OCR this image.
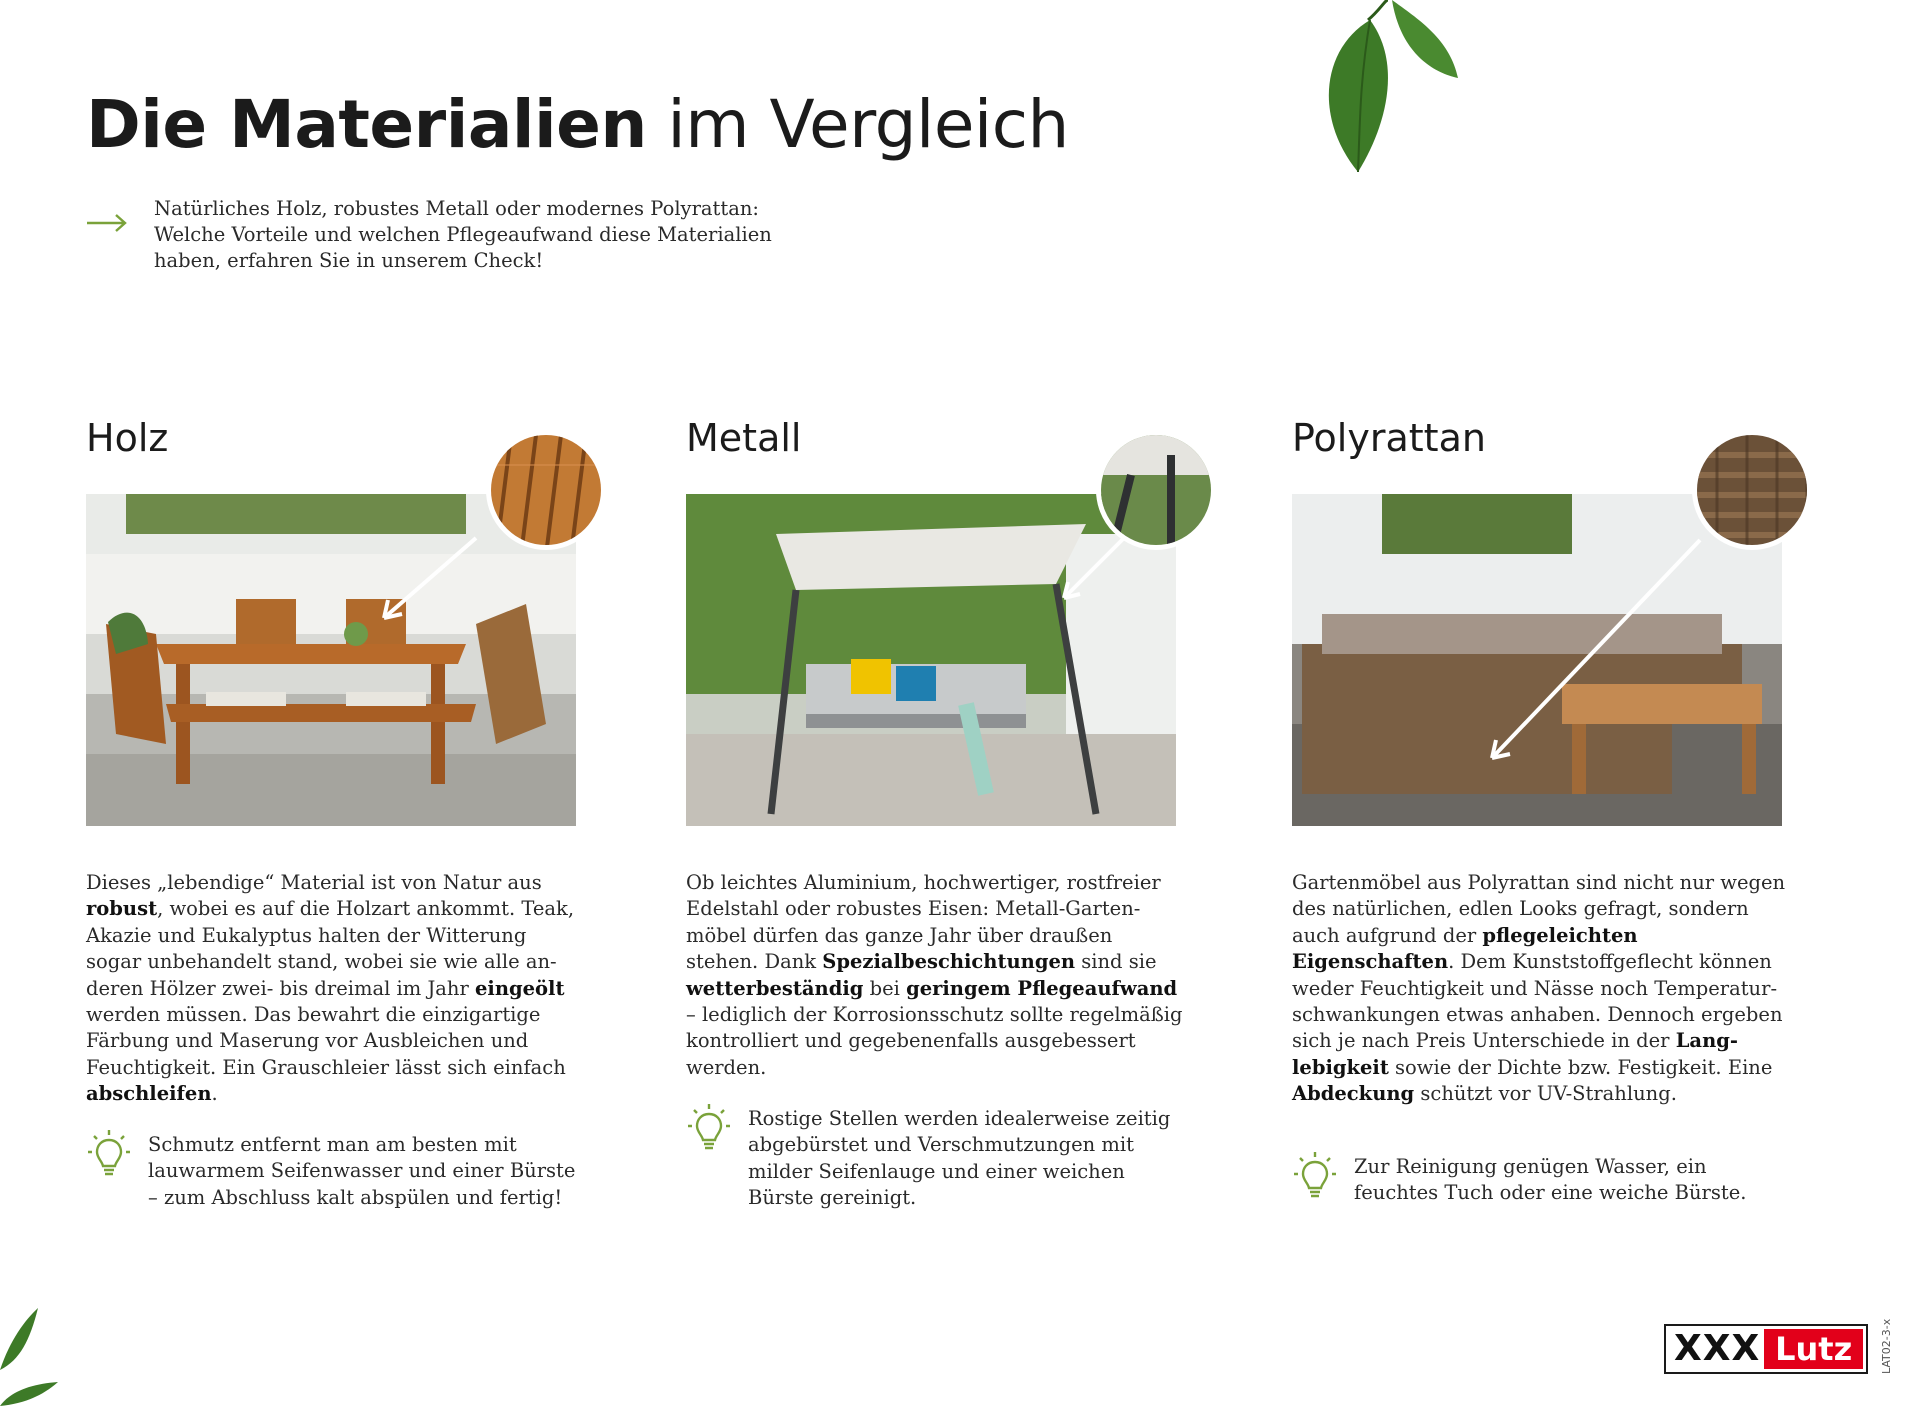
Die Materialien im Vergleich

Natürliches Holz, robustes Metall oder modernes Polyrattan: Welche Vorteile und welchen Pflegeaufwand diese Materialien haben, erfahren Sie in unserem Check!

Holz

Dieses „lebendige“ Material ist von Natur aus robust, wobei es auf die Holzart ankommt. Teak, Akazie und Eukalyptus halten der Witterung sogar unbehandelt stand, wobei sie wie alle anderen Hölzer zwei- bis dreimal im Jahr eingeölt werden müssen. Das bewahrt die einzigartige Färbung und Maserung vor Ausbleichen und Feuchtigkeit. Ein Grauschleier lässt sich einfach abschleifen.

Schmutz entfernt man am besten mit lauwarmem Seifenwasser und einer Bürste – zum Abschluss kalt abspülen und fertig!

Metall

Ob leichtes Aluminium, hochwertiger, rostfreier Edelstahl oder robustes Eisen: Metall-Gartenmöbel dürfen das ganze Jahr über draußen stehen. Dank Spezialbeschichtungen sind sie wetterbeständig bei geringem Pflegeaufwand – lediglich der Korrosionsschutz sollte regelmäßig kontrolliert und gegebenenfalls ausgebessert werden.

Rostige Stellen werden idealerweise zeitig abgebürstet und Verschmutzungen mit milder Seifenlauge und einer weichen Bürste gereinigt.

Polyrattan

Gartenmöbel aus Polyrattan sind nicht nur wegen des natürlichen, edlen Looks gefragt, sondern auch aufgrund der pflegeleichten Eigenschaften. Dem Kunststoffgeflecht können weder Feuchtigkeit und Nässe noch Temperaturschwankungen etwas anhaben. Dennoch ergeben sich je nach Preis Unterschiede in der Langlebigkeit sowie der Dichte bzw. Festigkeit. Eine Abdeckung schützt vor UV-Strahlung.

Zur Reinigung genügen Wasser, ein feuchtes Tuch oder eine weiche Bürste.

XXX Lutz	LAT02-3-x
